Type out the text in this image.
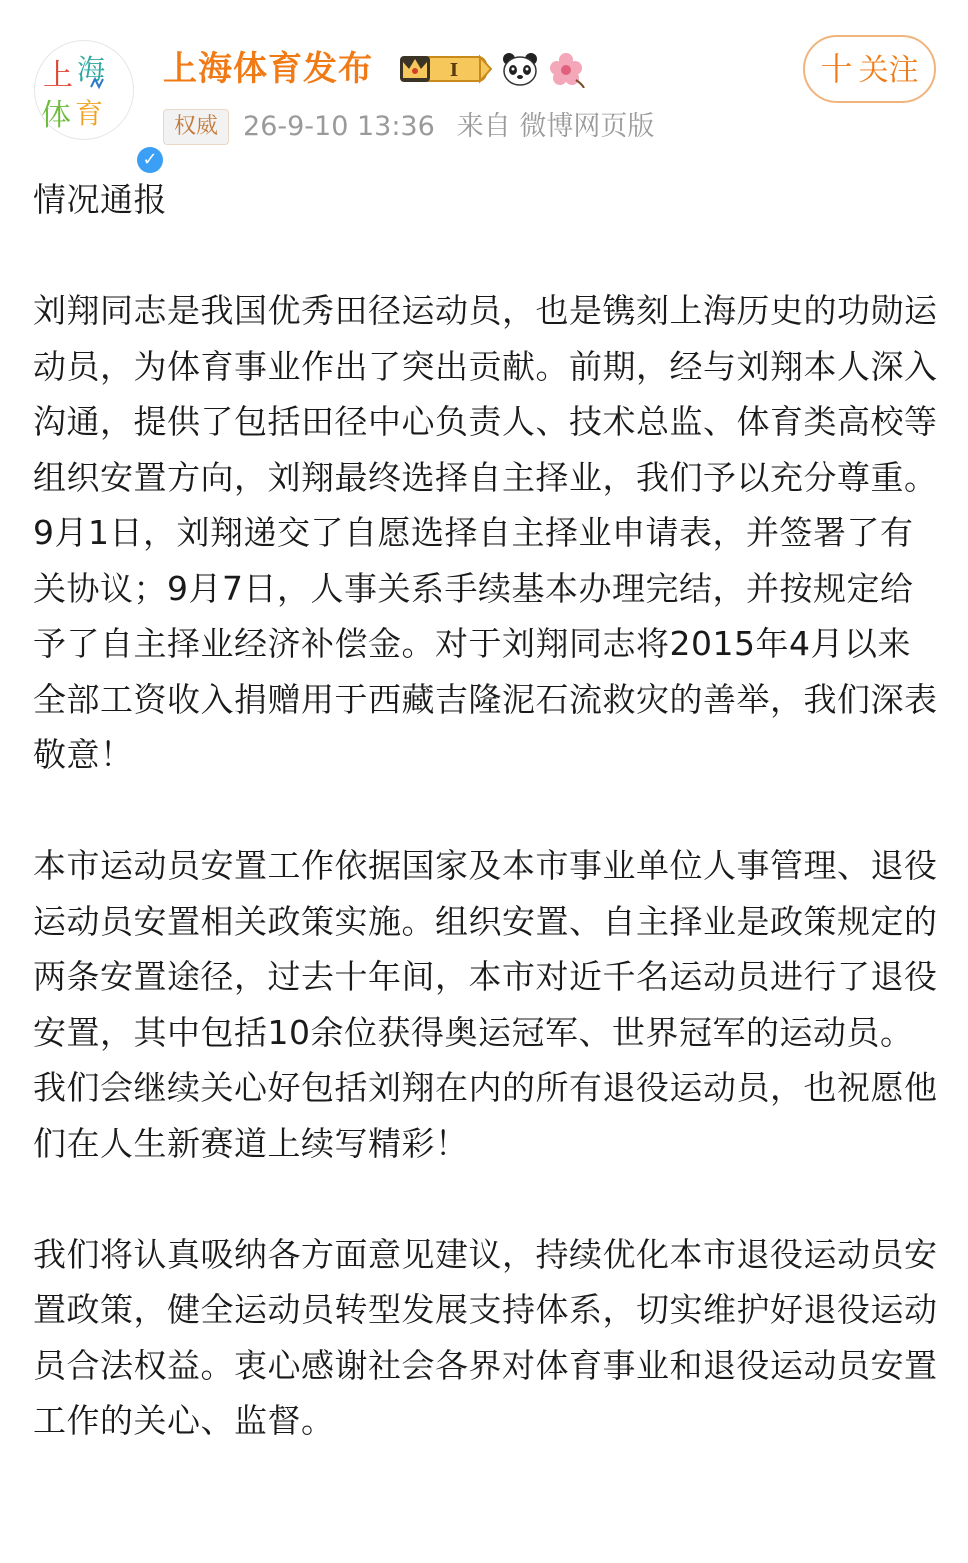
上 海
体 育
✓
上海体育发布	I	十 关注
权威 26-9-10 13:36 来自 微博网页版

情况通报

刘翔同志是我国优秀田径运动员，也是镌刻上海历史的功勋运动员，为体育事业作出了突出贡献。前期，经与刘翔本人深入沟通，提供了包括田径中心负责人、技术总监、体育类高校等组织安置方向，刘翔最终选择自主择业，我们予以充分尊重。9月1日，刘翔递交了自愿选择自主择业申请表，并签署了有关协议；9月7日，人事关系手续基本办理完结，并按规定给予了自主择业经济补偿金。对于刘翔同志将2015年4月以来全部工资收入捐赠用于西藏吉隆泥石流救灾的善举，我们深表敬意！

本市运动员安置工作依据国家及本市事业单位人事管理、退役运动员安置相关政策实施。组织安置、自主择业是政策规定的两条安置途径，过去十年间，本市对近千名运动员进行了退役安置，其中包括10余位获得奥运冠军、世界冠军的运动员。我们会继续关心好包括刘翔在内的所有退役运动员，也祝愿他们在人生新赛道上续写精彩！

我们将认真吸纳各方面意见建议，持续优化本市退役运动员安置政策，健全运动员转型发展支持体系，切实维护好退役运动员合法权益。衷心感谢社会各界对体育事业和退役运动员安置工作的关心、监督。
